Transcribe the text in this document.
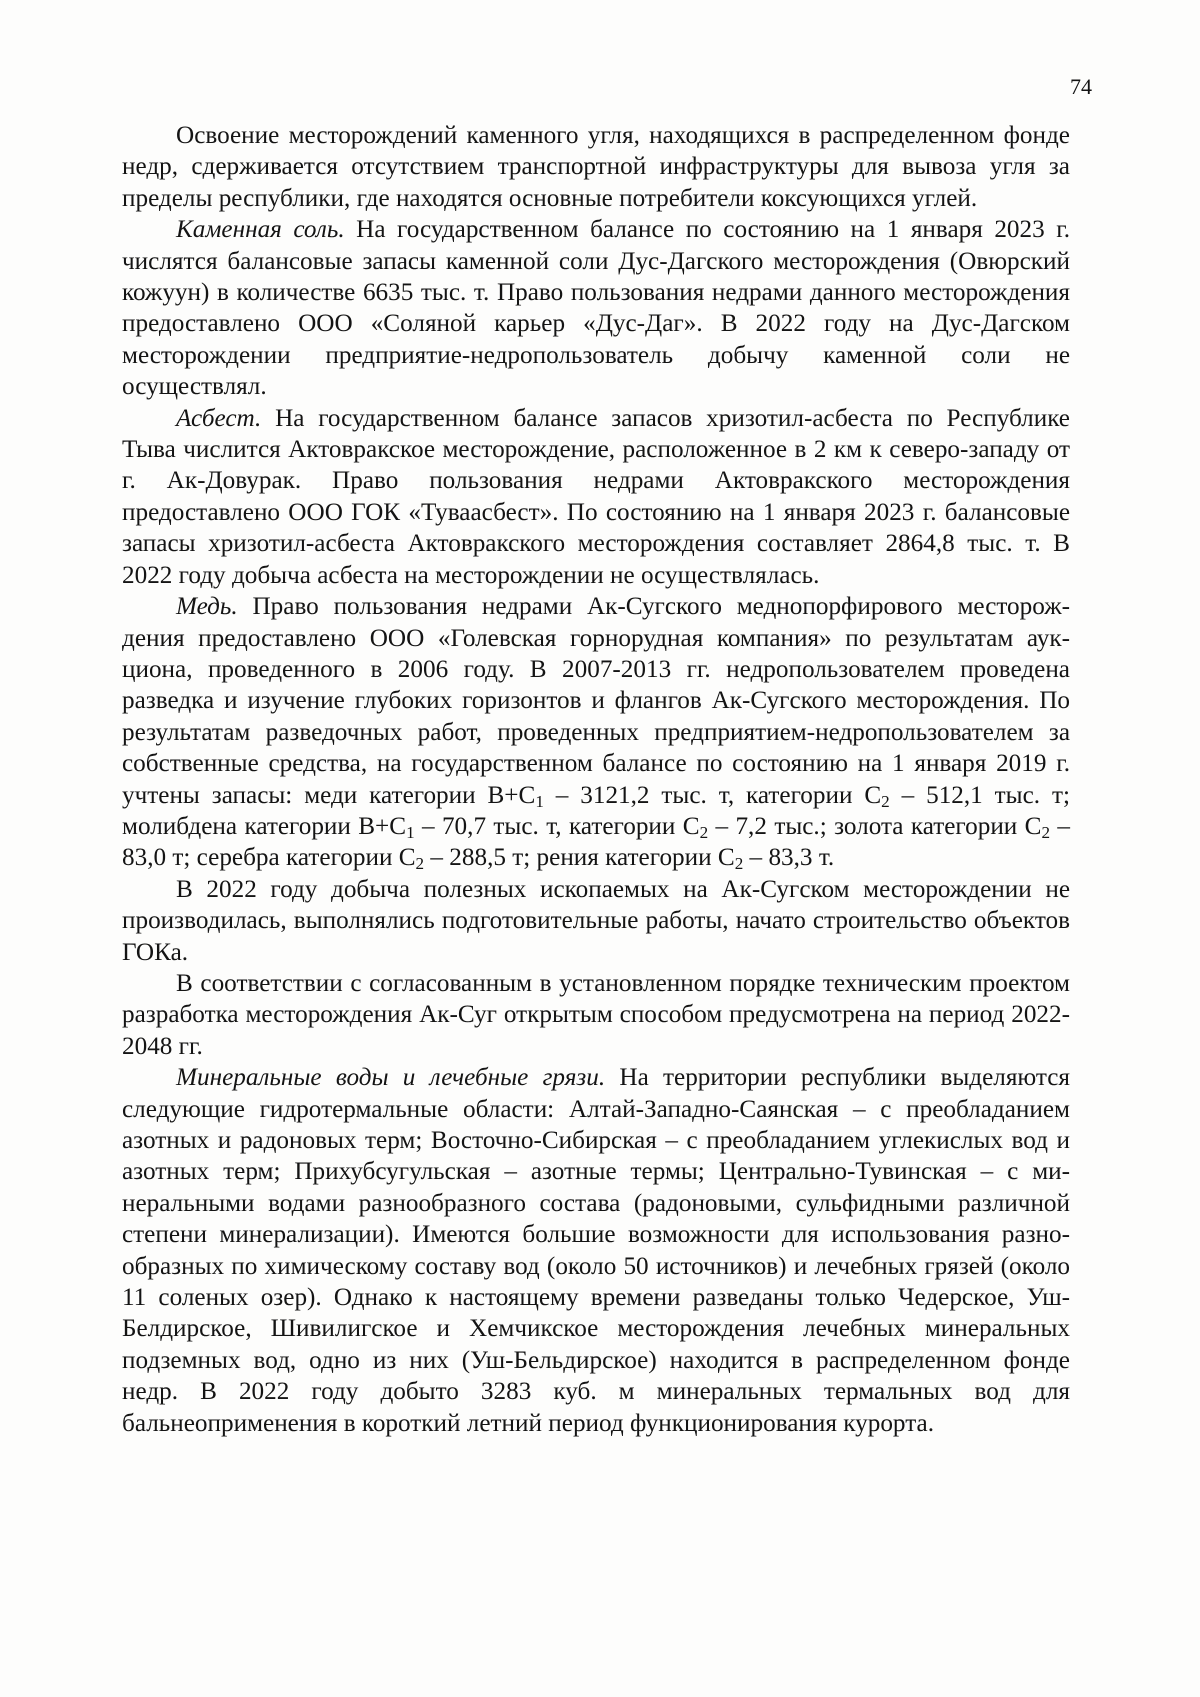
74

Освоение месторождений каменного угля, находящихся в распределенном фонде недр, сдерживается отсутствием транспортной инфраструктуры для вывоза угля за пределы республики, где находятся основные потребители коксующихся углей.

Каменная соль. На государственном балансе по состоянию на 1 января 2023 г. числятся балансовые запасы каменной соли Дус-Дагского месторождения (Овюрский кожуун) в количестве 6635 тыс. т. Право пользования недрами данного месторождения предоставлено ООО «Соляной карьер «Дус-Даг». В 2022 году на Дус-Дагском месторождении предприятие-недропользователь добычу каменной соли не осуществлял.

Асбест. На государственном балансе запасов хризотил-асбеста по Республике Тыва числится Актовракское месторождение, расположенное в 2 км к северо-западу от г. Ак-Довурак. Право пользования недрами Актовракского месторождения предоставлено ООО ГОК «Туваасбест». По состоянию на 1 января 2023 г. балансовые запасы хризотил-асбеста Актовракского месторождения составляет 2864,8 тыс. т. В 2022 году добыча асбеста на месторождении не осуществлялась.

Медь. Право пользования недрами Ак-Сугского меднопорфирового месторождения предоставлено ООО «Голевская горнорудная компания» по результатам аукциона, проведенного в 2006 году. В 2007-2013 гг. недропользователем проведена разведка и изучение глубоких горизонтов и флангов Ак-Сугского месторождения. По результатам разведочных работ, проведенных предприятием-недропользователем за собственные средства, на государственном балансе по состоянию на 1 января 2019 г. учтены запасы: меди категории $В+С_1 - 3121,2$ тыс. т, категории $С_2 - 512,1$ тыс. т; молибдена категории $В+С_1 - 70,7$ тыс. т, категории $С_2 - 7,2$ тыс.; золота категории $С_2 - 83,0$ т; серебра категории $С_2 - 288,5$ т; рения категории $С_2 - 83,3$ т.

В 2022 году добыча полезных ископаемых на Ак-Сугском месторождении не производилась, выполнялись подготовительные работы, начато строительство объектов ГОКа.

В соответствии с согласованным в установленном порядке техническим проектом разработка месторождения Ак-Суг открытым способом предусмотрена на период 2022-2048 гг.

Минеральные воды и лечебные грязи. На территории республики выделяются следующие гидротермальные области: Алтай-Западно-Саянская – с преобладанием азотных и радоновых терм; Восточно-Сибирская – с преобладанием углекислых вод и азотных терм; Прихубсугульская – азотные термы; Центрально-Тувинская – с минеральными водами разнообразного состава (радоновыми, сульфидными различной степени минерализации). Имеются большие возможности для использования разнообразных по химическому составу вод (около 50 источников) и лечебных грязей (около 11 соленых озер). Однако к настоящему времени разведаны только Чедерское, Уш-Белдирское, Шивилигское и Хемчикское месторождения лечебных минеральных подземных вод, одно из них (Уш-Бельдирское) находится в распределенном фонде недр. В 2022 году добыто 3283 куб. м минеральных термальных вод для бальнеоприменения в короткий летний период функционирования курорта.
